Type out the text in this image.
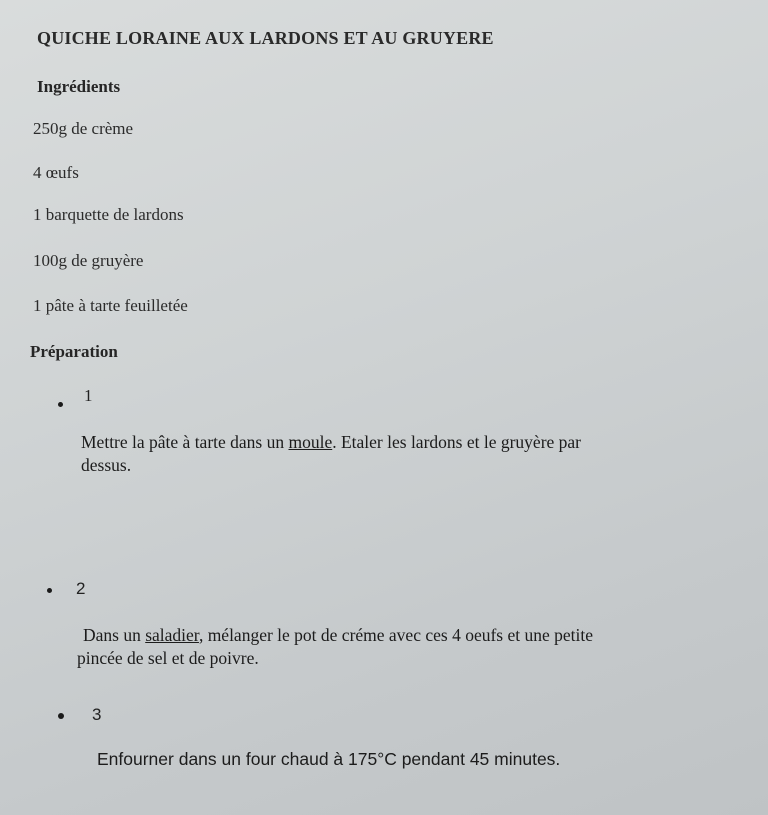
QUICHE LORAINE AUX LARDONS ET AU GRUYERE
Ingrédients
250g de crème
4 œufs
1 barquette de lardons
100g de gruyère
1 pâte à tarte feuilletée
Préparation
1
Mettre la pâte à tarte dans un moule. Etaler les lardons et le gruyère par
dessus.
2
Dans un saladier, mélanger le pot de créme avec ces 4 oeufs et une petite
pincée de sel et de poivre.
3
Enfourner dans un four chaud à 175°C pendant 45 minutes.
